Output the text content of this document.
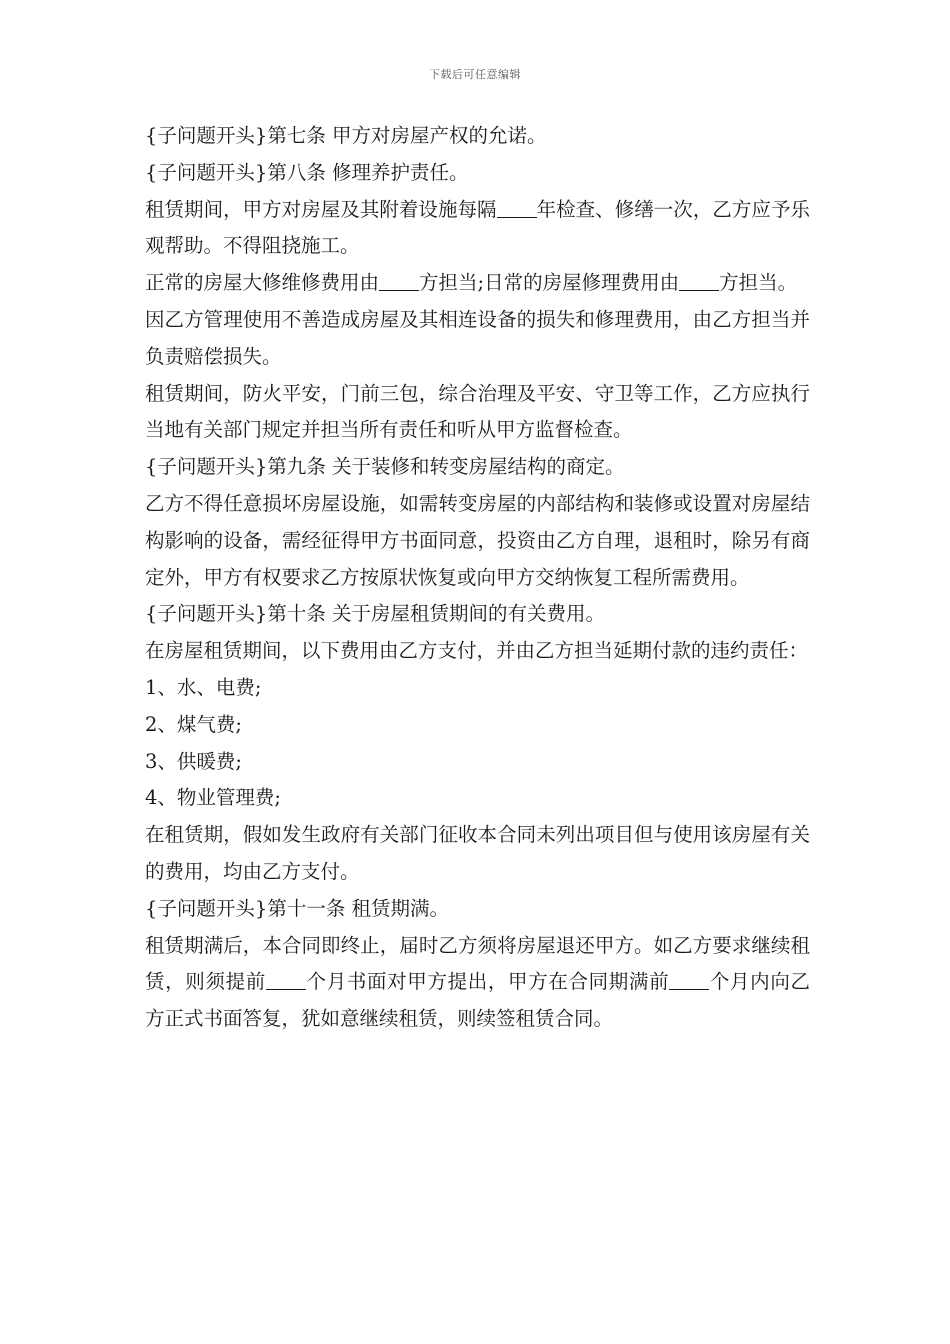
下载后可任意编辑

{子问题开头}第七条 甲方对房屋产权的允诺。

{子问题开头}第八条 修理养护责任。

租赁期间，甲方对房屋及其附着设施每隔 年检查、修缮一次，乙方应予乐观帮助。不得阻挠施工。

正常的房屋大修维修费用由 方担当;日常的房屋修理费用由 方担当。

因乙方管理使用不善造成房屋及其相连设备的损失和修理费用，由乙方担当并负责赔偿损失。

租赁期间，防火平安，门前三包，综合治理及平安、守卫等工作，乙方应执行当地有关部门规定并担当所有责任和听从甲方监督检查。

{子问题开头}第九条 关于装修和转变房屋结构的商定。

乙方不得任意损坏房屋设施，如需转变房屋的内部结构和装修或设置对房屋结构影响的设备，需经征得甲方书面同意，投资由乙方自理，退租时，除另有商定外，甲方有权要求乙方按原状恢复或向甲方交纳恢复工程所需费用。

{子问题开头}第十条 关于房屋租赁期间的有关费用。

在房屋租赁期间，以下费用由乙方支付，并由乙方担当延期付款的违约责任：

1、水、电费;

2、煤气费;

3、供暖费;

4、物业管理费;

在租赁期，假如发生政府有关部门征收本合同未列出项目但与使用该房屋有关的费用，均由乙方支付。

{子问题开头}第十一条 租赁期满。

租赁期满后，本合同即终止，届时乙方须将房屋退还甲方。如乙方要求继续租赁，则须提前 个月书面对甲方提出，甲方在合同期满前 个月内向乙方正式书面答复，犹如意继续租赁，则续签租赁合同。
